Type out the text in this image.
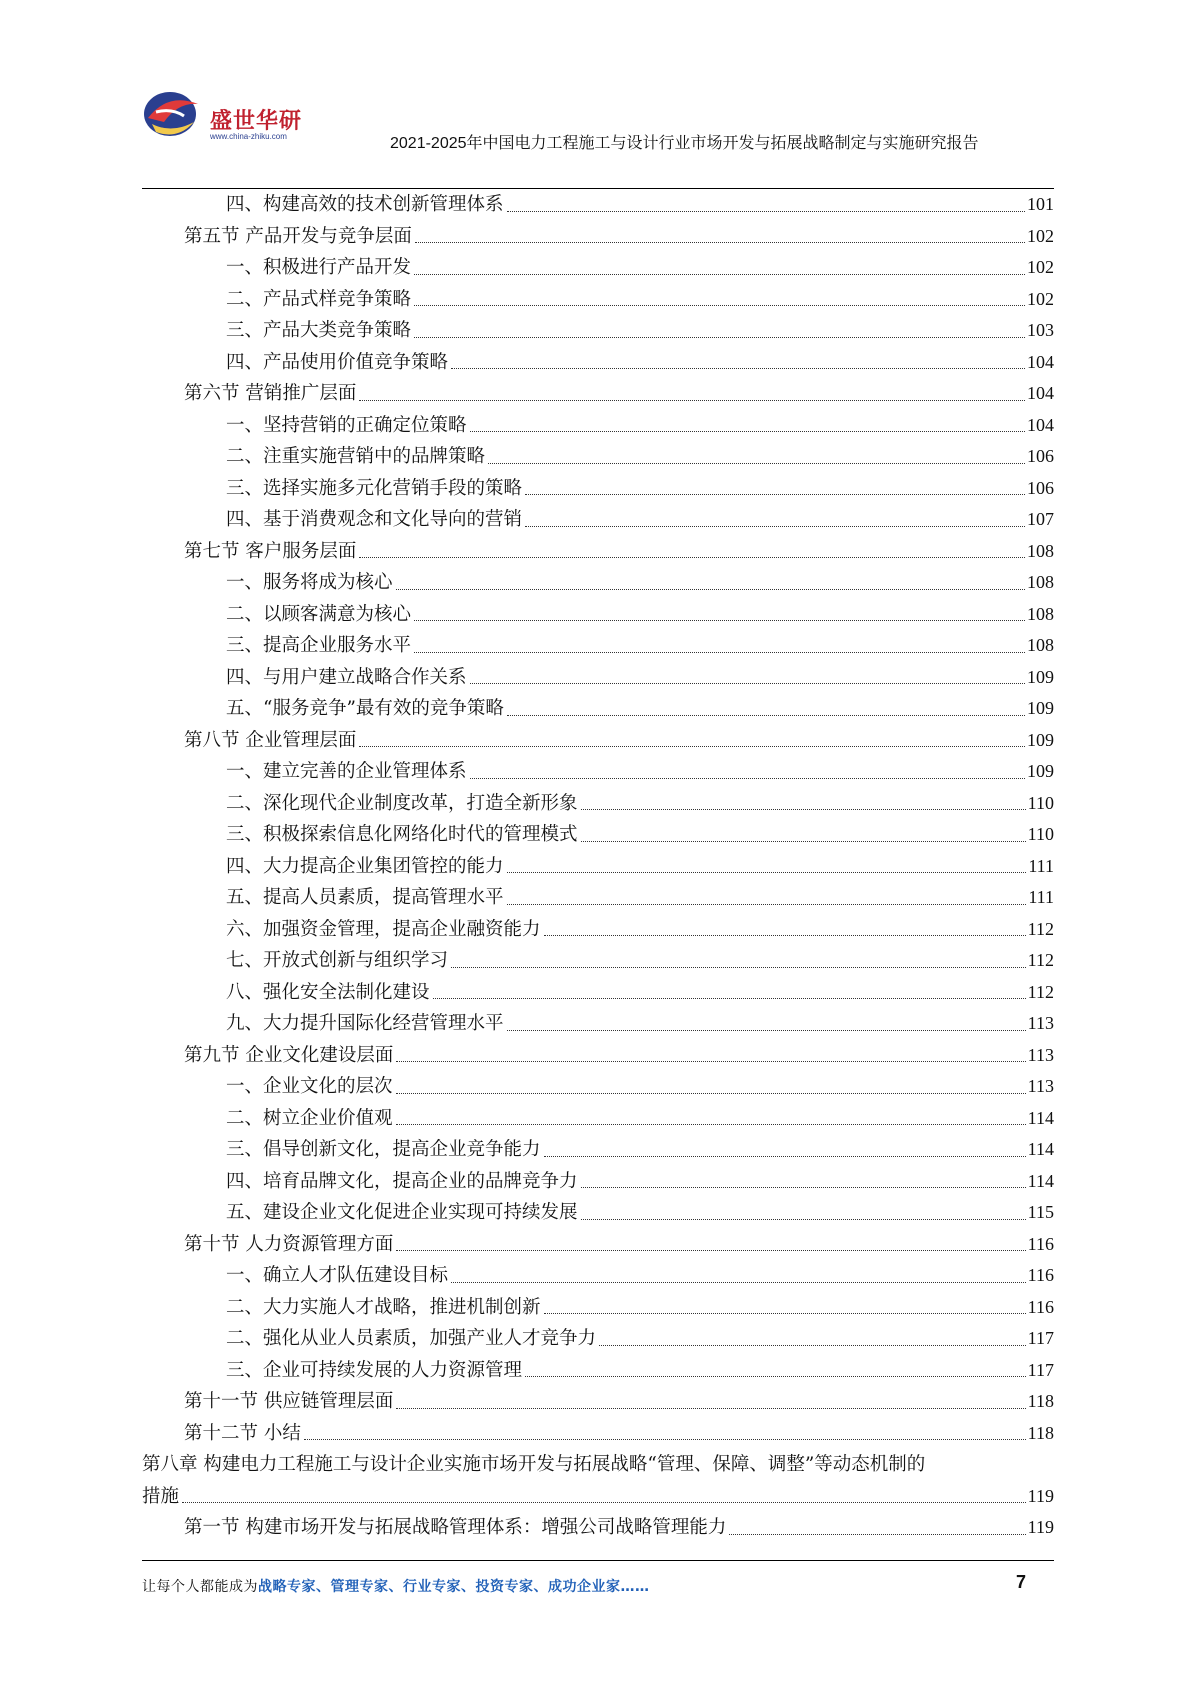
盛世华研
www.china-zhiku.com	2021-2025年中国电力工程施工与设计行业市场开发与拓展战略制定与实施研究报告
四、构建高效的技术创新管理体系	101
第五节 产品开发与竞争层面	102
一、积极进行产品开发	102
二、产品式样竞争策略	102
三、产品大类竞争策略	103
四、产品使用价值竞争策略	104
第六节 营销推广层面	104
一、坚持营销的正确定位策略	104
二、注重实施营销中的品牌策略	106
三、选择实施多元化营销手段的策略	106
四、基于消费观念和文化导向的营销	107
第七节 客户服务层面	108
一、服务将成为核心	108
二、以顾客满意为核心	108
三、提高企业服务水平	108
四、与用户建立战略合作关系	109
五、“服务竞争”最有效的竞争策略	109
第八节 企业管理层面	109
一、建立完善的企业管理体系	109
二、深化现代企业制度改革，打造全新形象	110
三、积极探索信息化网络化时代的管理模式	110
四、大力提高企业集团管控的能力	111
五、提高人员素质，提高管理水平	111
六、加强资金管理，提高企业融资能力	112
七、开放式创新与组织学习	112
八、强化安全法制化建设	112
九、大力提升国际化经营管理水平	113
第九节 企业文化建设层面	113
一、企业文化的层次	113
二、树立企业价值观	114
三、倡导创新文化，提高企业竞争能力	114
四、培育品牌文化，提高企业的品牌竞争力	114
五、建设企业文化促进企业实现可持续发展	115
第十节 人力资源管理方面	116
一、确立人才队伍建设目标	116
二、大力实施人才战略，推进机制创新	116
二、强化从业人员素质，加强产业人才竞争力	117
三、企业可持续发展的人力资源管理	117
第十一节 供应链管理层面	118
第十二节 小结	118
第八章 构建电力工程施工与设计企业实施市场开发与拓展战略“管理、保障、调整”等动态机制的
措施	119
第一节 构建市场开发与拓展战略管理体系：增强公司战略管理能力	119
让每个人都能成为战略专家、管理专家、行业专家、投资专家、成功企业家……	7
